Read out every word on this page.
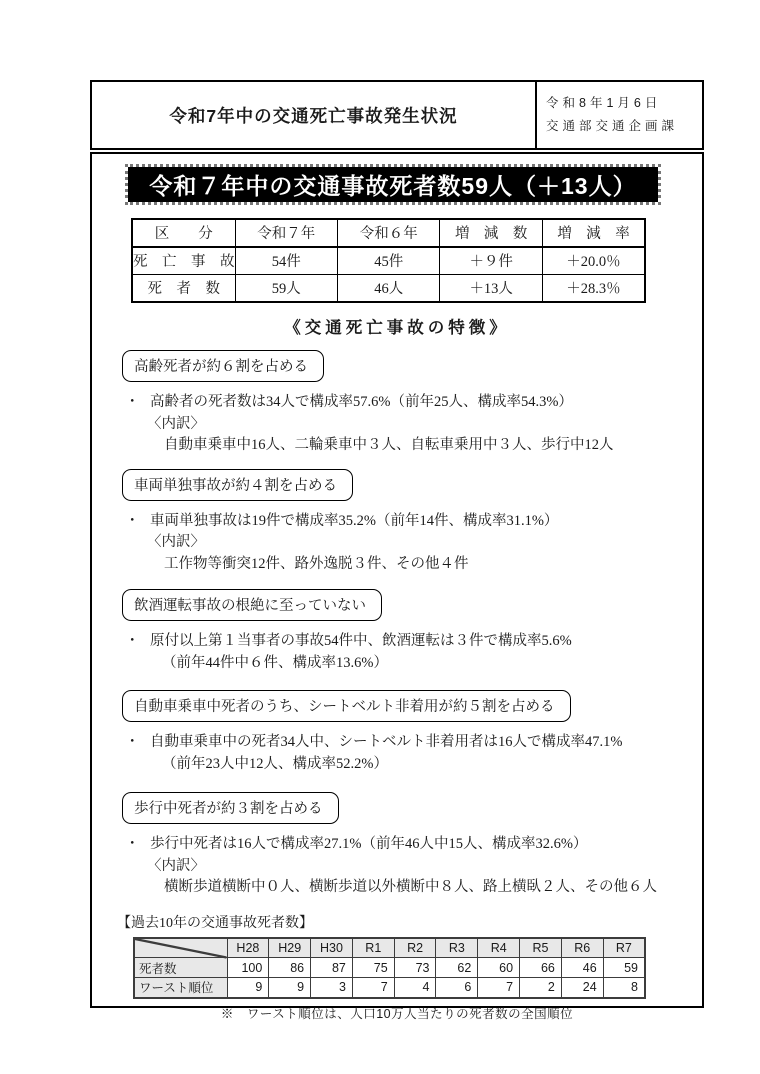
令和7年中の交通死亡事故発生状況
令和8年1月6日
交通部交通企画課
令和７年中の交通事故死者数59人（＋13人）
区　　分	令和７年	令和６年	増　減　数	増　減　率
死　亡　事　故	54件	45件	＋９件	＋20.0％
死　者　数	59人	46人	＋13人	＋28.3％
《交通死亡事故の特徴》
高齢死者が約６割を占める
・ 高齢者の死者数は34人で構成率57.6%（前年25人、構成率54.3%）
〈内訳〉
自動車乗車中16人、二輪乗車中３人、自転車乗用中３人、歩行中12人
車両単独事故が約４割を占める
・ 車両単独事故は19件で構成率35.2%（前年14件、構成率31.1%）
〈内訳〉
工作物等衝突12件、路外逸脱３件、その他４件
飲酒運転事故の根絶に至っていない
・ 原付以上第１当事者の事故54件中、飲酒運転は３件で構成率5.6%
（前年44件中６件、構成率13.6%）
自動車乗車中死者のうち、シートベルト非着用が約５割を占める
・ 自動車乗車中の死者34人中、シートベルト非着用者は16人で構成率47.1%
（前年23人中12人、構成率52.2%）
歩行中死者が約３割を占める
・ 歩行中死者は16人で構成率27.1%（前年46人中15人、構成率32.6%）
〈内訳〉
横断歩道横断中０人、横断歩道以外横断中８人、路上横臥２人、その他６人
【過去10年の交通事故死者数】
	H28	H29	H30	R1	R2	R3	R4	R5	R6	R7
死者数	100	86	87	75	73	62	60	66	46	59
ワースト順位	9	9	3	7	4	6	7	2	24	8
※　ワースト順位は、人口10万人当たりの死者数の全国順位
